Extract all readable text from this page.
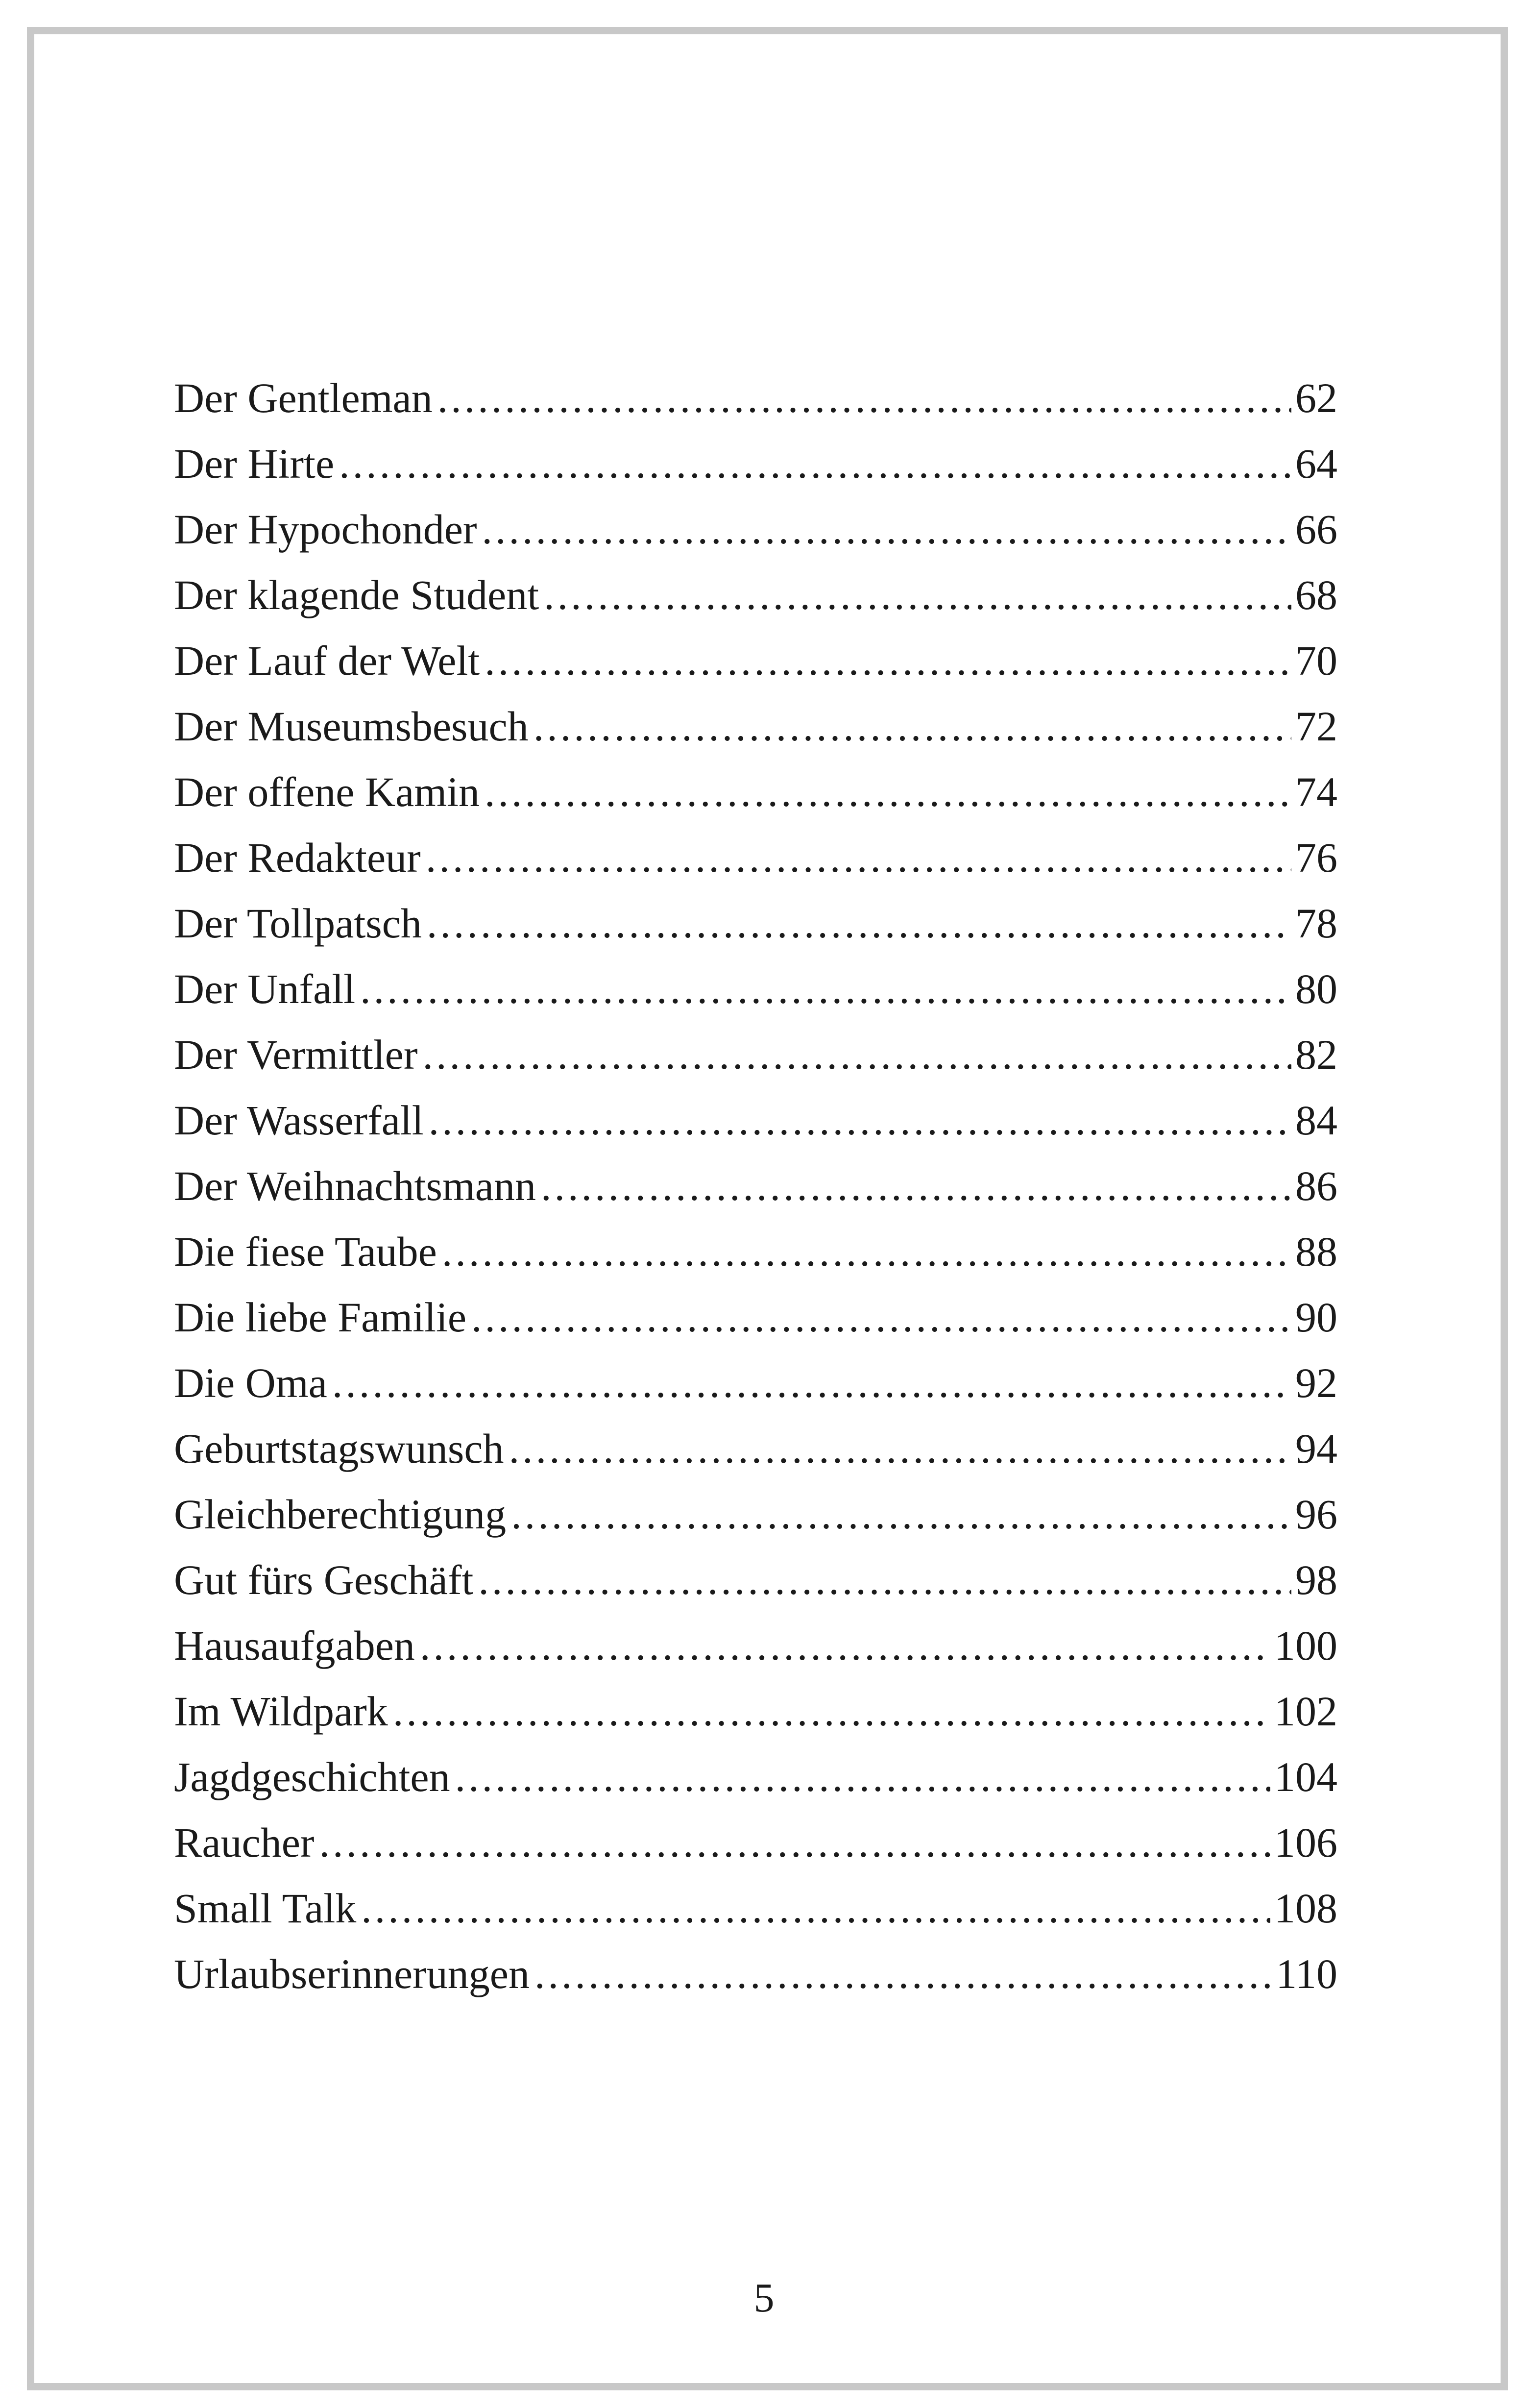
Der Gentleman .....	62
Der Hirte .....	64
Der Hypochonder .....	66
Der klagende Student .....	68
Der Lauf der Welt .....	70
Der Museumsbesuch .....	72
Der offene Kamin .....	74
Der Redakteur .....	76
Der Tollpatsch .....	78
Der Unfall .....	80
Der Vermittler .....	82
Der Wasserfall .....	84
Der Weihnachtsmann .....	86
Die fiese Taube .....	88
Die liebe Familie .....	90
Die Oma .....	92
Geburtstagswunsch .....	94
Gleichberechtigung .....	96
Gut fürs Geschäft .....	98
Hausaufgaben .....	100
Im Wildpark .....	102
Jagdgeschichten .....	104
Raucher .....	106
Small Talk .....	108
Urlaubserinnerungen .....	110
5
